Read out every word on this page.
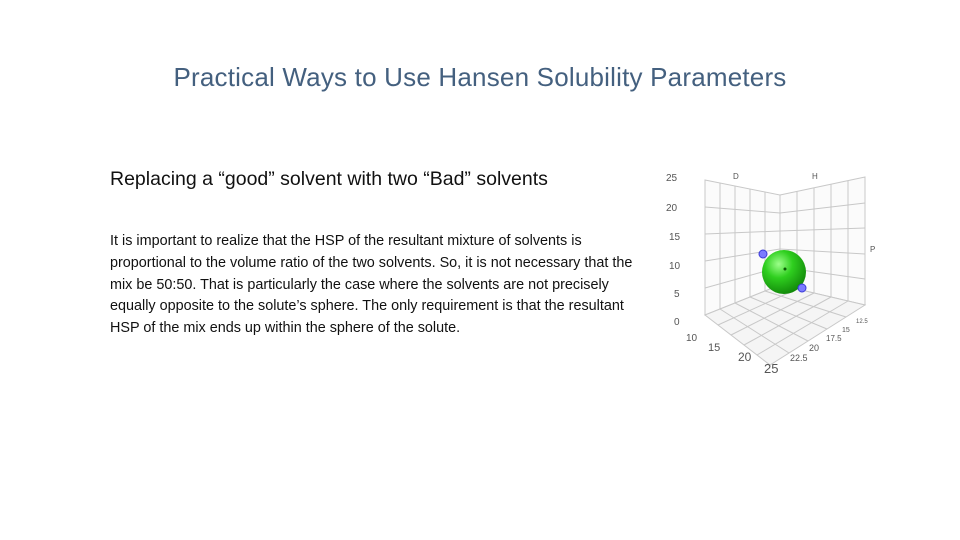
Practical Ways to Use Hansen Solubility Parameters
Replacing a “good” solvent with two “Bad” solvents
It is important to realize that the HSP of the resultant mixture of solvents is proportional to the volume ratio of the two solvents. So, it is not necessary that the mix be 50:50. That is particularly the case where the solvents are not precisely equally opposite to the solute’s sphere. The only requirement is that the resultant HSP of the mix ends up within the sphere of the solute.
D	H
P
25
20
15
10
5
0
10
15
20
25
22.5
20
17.5
15
12.5
